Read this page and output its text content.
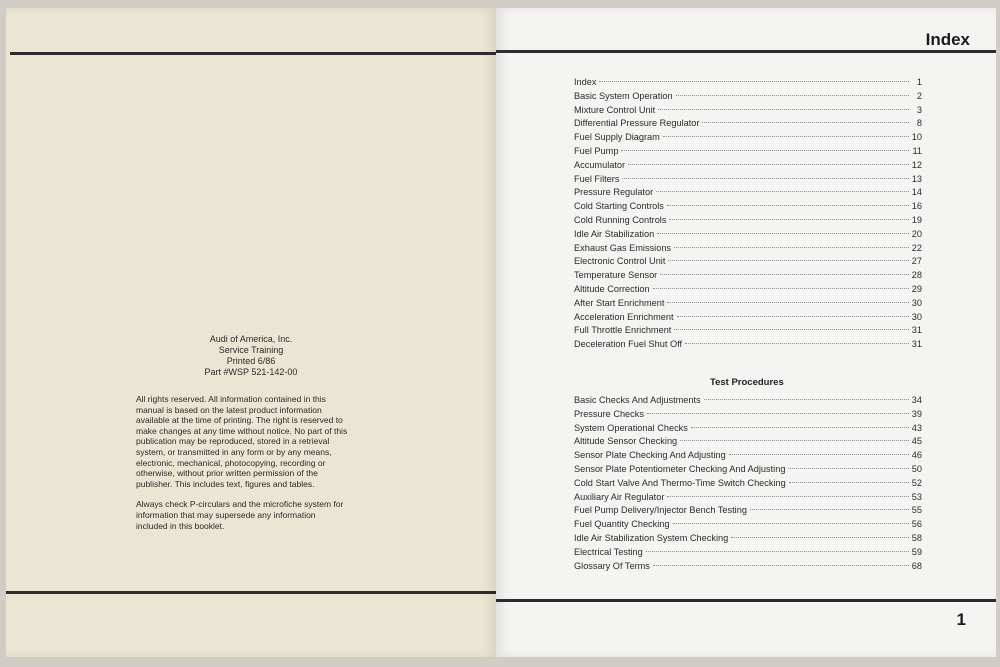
Audi of America, Inc.
Service Training
Printed 6/86
Part #WSP 521-142-00

All rights reserved. All information contained in this manual is based on the latest product information available at the time of printing. The right is reserved to make changes at any time without notice. No part of this publication may be reproduced, stored in a retrieval system, or transmitted in any form or by any means, electronic, mechanical, photocopying, recording or otherwise, without prior written permission of the publisher. This includes text, figures and tables.

Always check P-circulars and the microfiche system for information that may supersede any information included in this booklet.

Index
Index	1
Basic System Operation	2
Mixture Control Unit	3
Differential Pressure Regulator	8
Fuel Supply Diagram	10
Fuel Pump	11
Accumulator	12
Fuel Filters	13
Pressure Regulator	14
Cold Starting Controls	16
Cold Running Controls	19
Idle Air Stabilization	20
Exhaust Gas Emissions	22
Electronic Control Unit	27
Temperature Sensor	28
Altitude Correction	29
After Start Enrichment	30
Acceleration Enrichment	30
Full Throttle Enrichment	31
Deceleration Fuel Shut Off	31
Test Procedures
Basic Checks And Adjustments	34
Pressure Checks	39
System Operational Checks	43
Altitude Sensor Checking	45
Sensor Plate Checking And Adjusting	46
Sensor Plate Potentiometer Checking And Adjusting	50
Cold Start Valve And Thermo-Time Switch Checking	52
Auxiliary Air Regulator	53
Fuel Pump Delivery/Injector Bench Testing	55
Fuel Quantity Checking	56
Idle Air Stabilization System Checking	58
Electrical Testing	59
Glossary Of Terms	68
1
